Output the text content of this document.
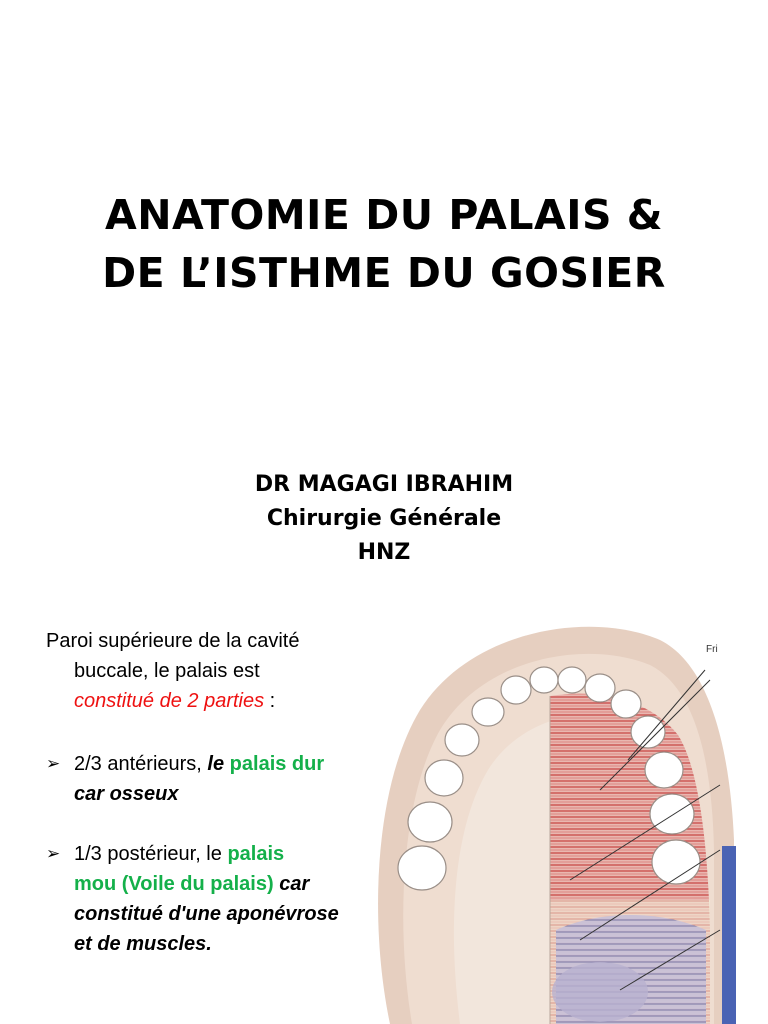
ANATOMIE DU PALAIS &
DE L’ISTHME DU GOSIER
DR MAGAGI IBRAHIM
Chirurgie Générale
HNZ
Paroi supérieure de la cavité
buccale, le palais est
constitué de 2 parties :
➢ 2/3 antérieurs, le palais dur
car osseux
➢ 1/3 postérieur, le palais
mou (Voile du palais) car
constitué d'une aponévrose
et de muscles.
Fri
